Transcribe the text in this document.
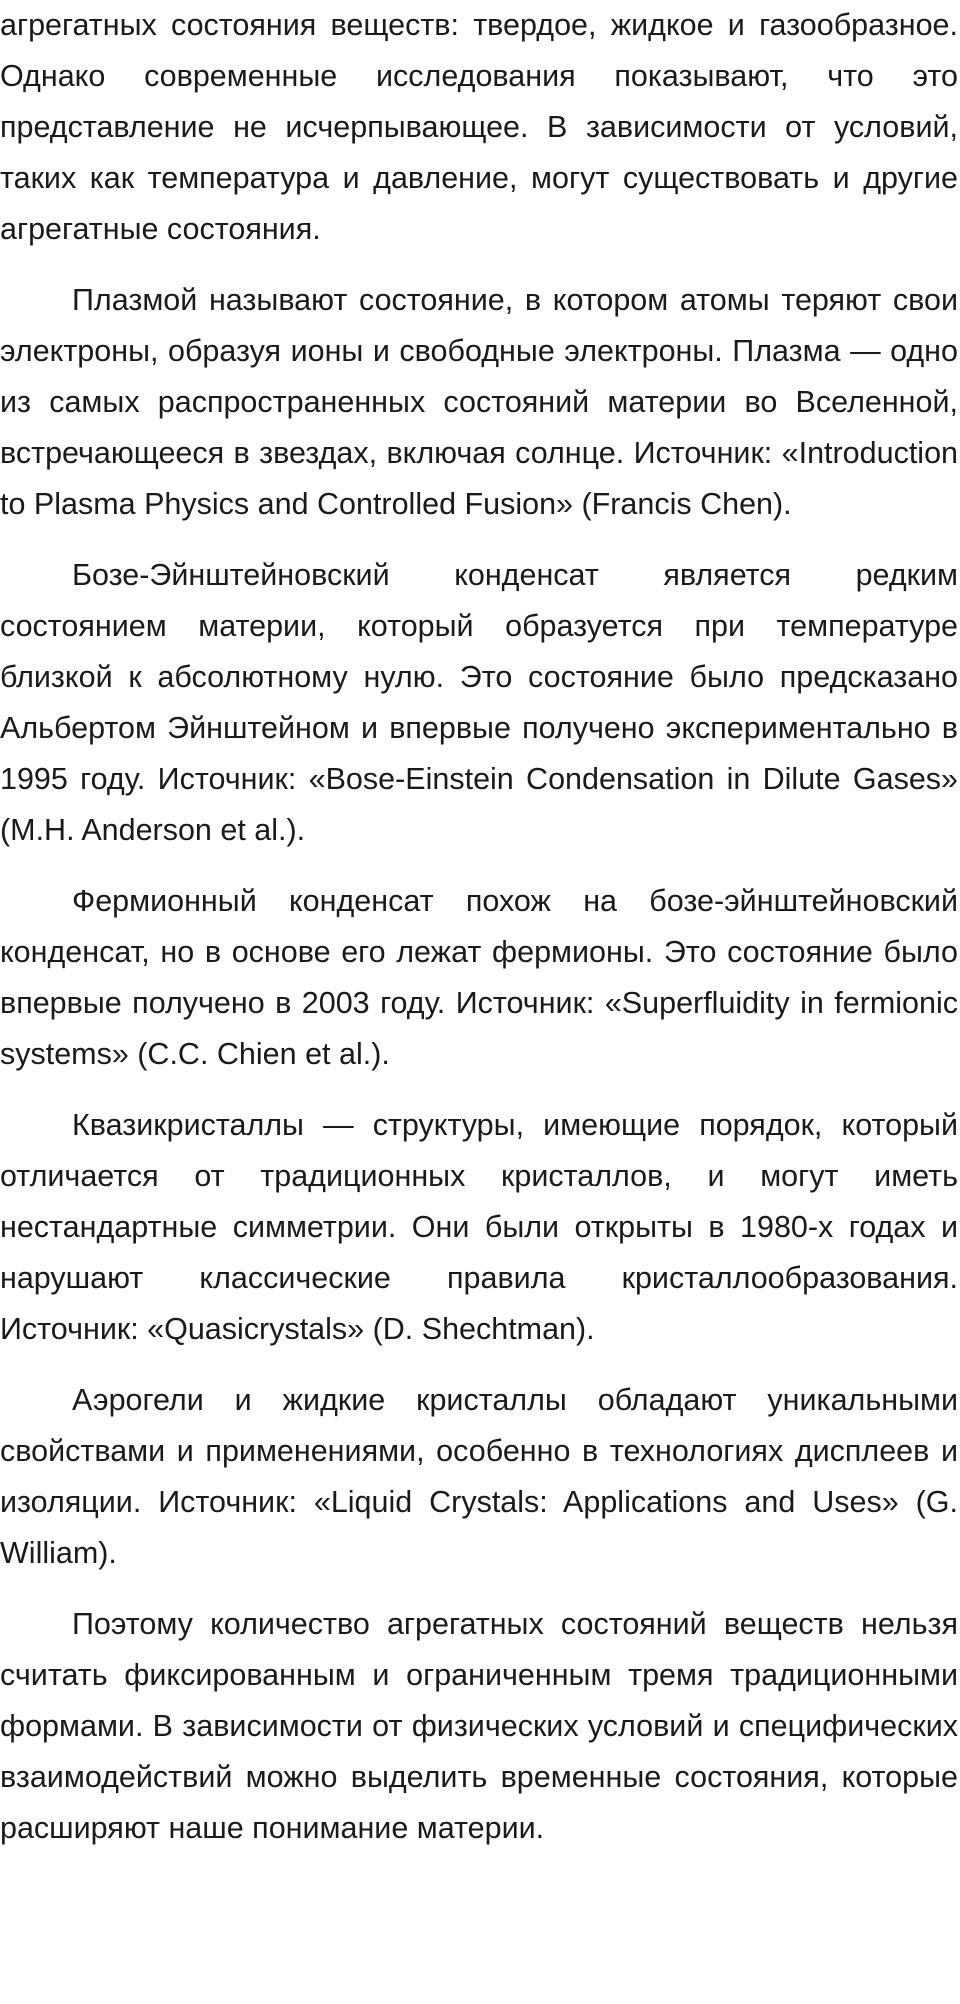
агрегатных состояния веществ: твердое, жидкое и газообразное. Однако современные исследования показывают, что это представление не исчерпывающее. В зависимости от условий, таких как температура и давление, могут существовать и другие агрегатные состояния.

Плазмой называют состояние, в котором атомы теряют свои электроны, образуя ионы и свободные электроны. Плазма — одно из самых распространенных состояний материи во Вселенной, встречающееся в звездах, включая солнце. Источник: «Introduction to Plasma Physics and Controlled Fusion» (Francis Chen).

Бозе-Эйнштейновский конденсат является редким состоянием материи, который образуется при температуре близкой к абсолютному нулю. Это состояние было предсказано Альбертом Эйнштейном и впервые получено экспериментально в 1995 году. Источник: «Bose-Einstein Condensation in Dilute Gases» (M.H. Anderson et al.).

Фермионный конденсат похож на бозе-эйнштейновский конденсат, но в основе его лежат фермионы. Это состояние было впервые получено в 2003 году. Источник: «Superfluidity in fermionic systems» (C.C. Chien et al.).

Квазикристаллы — структуры, имеющие порядок, который отличается от традиционных кристаллов, и могут иметь нестандартные симметрии. Они были открыты в 1980-х годах и нарушают классические правила кристаллообразования. Источник: «Quasicrystals» (D. Shechtman).

Аэрогели и жидкие кристаллы обладают уникальными свойствами и применениями, особенно в технологиях дисплеев и изоляции. Источник: «Liquid Crystals: Applications and Uses» (G. William).

Поэтому количество агрегатных состояний веществ нельзя считать фиксированным и ограниченным тремя традиционными формами. В зависимости от физических условий и специфических взаимодействий можно выделить временные состояния, которые расширяют наше понимание материи.
